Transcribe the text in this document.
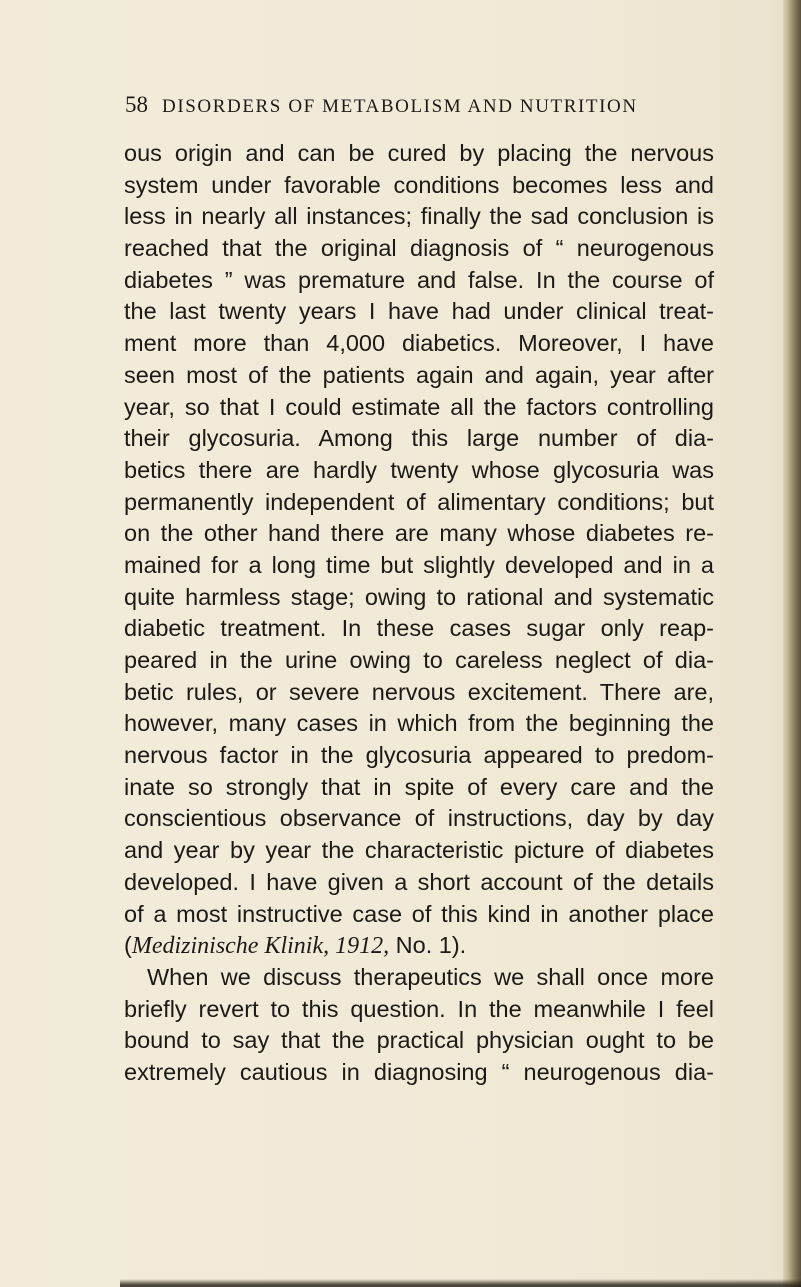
58 DISORDERS OF METABOLISM AND NUTRITION
ous origin and can be cured by placing the nervous
system under favorable conditions becomes less and
less in nearly all instances; finally the sad conclusion is
reached that the original diagnosis of “ neurogenous
diabetes ” was premature and false. In the course of
the last twenty years I have had under clinical treat-
ment more than 4,000 diabetics. Moreover, I have
seen most of the patients again and again, year after
year, so that I could estimate all the factors controlling
their glycosuria. Among this large number of dia-
betics there are hardly twenty whose glycosuria was
permanently independent of alimentary conditions; but
on the other hand there are many whose diabetes re-
mained for a long time but slightly developed and in a
quite harmless stage; owing to rational and systematic
diabetic treatment. In these cases sugar only reap-
peared in the urine owing to careless neglect of dia-
betic rules, or severe nervous excitement. There are,
however, many cases in which from the beginning the
nervous factor in the glycosuria appeared to predom-
inate so strongly that in spite of every care and the
conscientious observance of instructions, day by day
and year by year the characteristic picture of diabetes
developed. I have given a short account of the details
of a most instructive case of this kind in another place
(Medizinische Klinik, 1912, No. 1).
When we discuss therapeutics we shall once more
briefly revert to this question. In the meanwhile I feel
bound to say that the practical physician ought to be
extremely cautious in diagnosing “ neurogenous dia-
